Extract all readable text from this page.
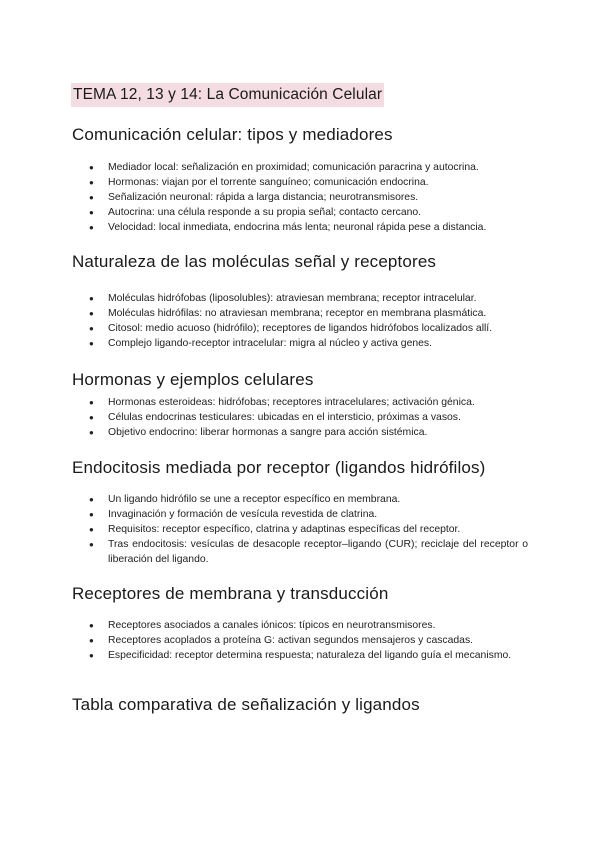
TEMA 12, 13 y 14: La Comunicación Celular
Comunicación celular: tipos y mediadores
● Mediador local: señalización en proximidad; comunicación paracrina y autocrina.
● Hormonas: viajan por el torrente sanguíneo; comunicación endocrina.
● Señalización neuronal: rápida a larga distancia; neurotransmisores.
● Autocrina: una célula responde a su propia señal; contacto cercano.
● Velocidad: local inmediata, endocrina más lenta; neuronal rápida pese a distancia.
Naturaleza de las moléculas señal y receptores
● Moléculas hidrófobas (liposolubles): atraviesan membrana; receptor intracelular.
● Moléculas hidrófilas: no atraviesan membrana; receptor en membrana plasmática.
● Citosol: medio acuoso (hidrófilo); receptores de ligandos hidrófobos localizados allí.
● Complejo ligando-receptor intracelular: migra al núcleo y activa genes.
Hormonas y ejemplos celulares
● Hormonas esteroideas: hidrófobas; receptores intracelulares; activación génica.
● Células endocrinas testiculares: ubicadas en el intersticio, próximas a vasos.
● Objetivo endocrino: liberar hormonas a sangre para acción sistémica.
Endocitosis mediada por receptor (ligandos hidrófilos)
● Un ligando hidrófilo se une a receptor específico en membrana.
● Invaginación y formación de vesícula revestida de clatrina.
● Requisitos: receptor específico, clatrina y adaptinas específicas del receptor.
● Tras endocitosis: vesículas de desacople receptor–ligando (CUR); reciclaje del receptor o liberación del ligando.
Receptores de membrana y transducción
● Receptores asociados a canales iónicos: típicos en neurotransmisores.
● Receptores acoplados a proteína G: activan segundos mensajeros y cascadas.
● Especificidad: receptor determina respuesta; naturaleza del ligando guía el mecanismo.
Tabla comparativa de señalización y ligandos
